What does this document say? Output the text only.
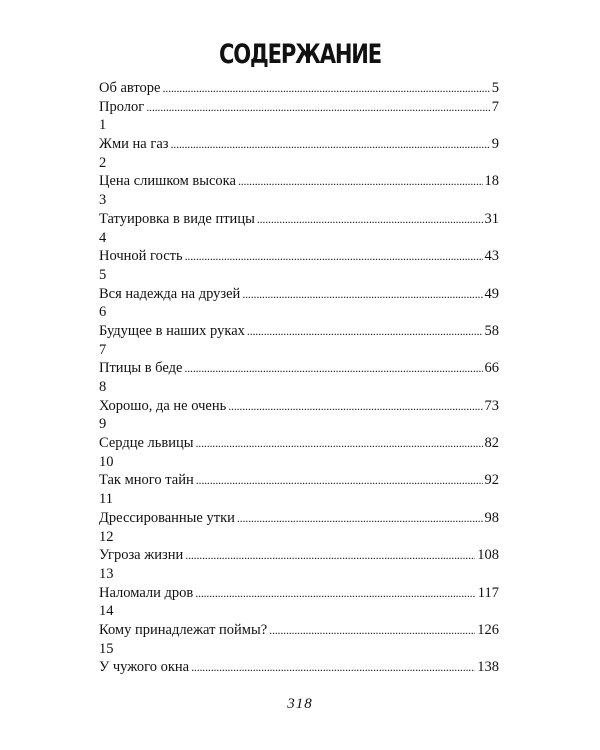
СОДЕРЖАНИЕ
Об авторе . . .	5
Пролог . . .	7
1
Жми на газ . . .	9
2
Цена слишком высока . . .	18
3
Татуировка в виде птицы . . .	31
4
Ночной гость . . .	43
5
Вся надежда на друзей . . .	49
6
Будущее в наших руках . . .	58
7
Птицы в беде . . .	66
8
Хорошо, да не очень . . .	73
9
Сердце львицы . . .	82
10
Так много тайн . . .	92
11
Дрессированные утки . . .	98
12
Угроза жизни . . .	108
13
Наломали дров . . .	117
14
Кому принадлежат поймы? . . .	126
15
У чужого окна . . .	138
318
